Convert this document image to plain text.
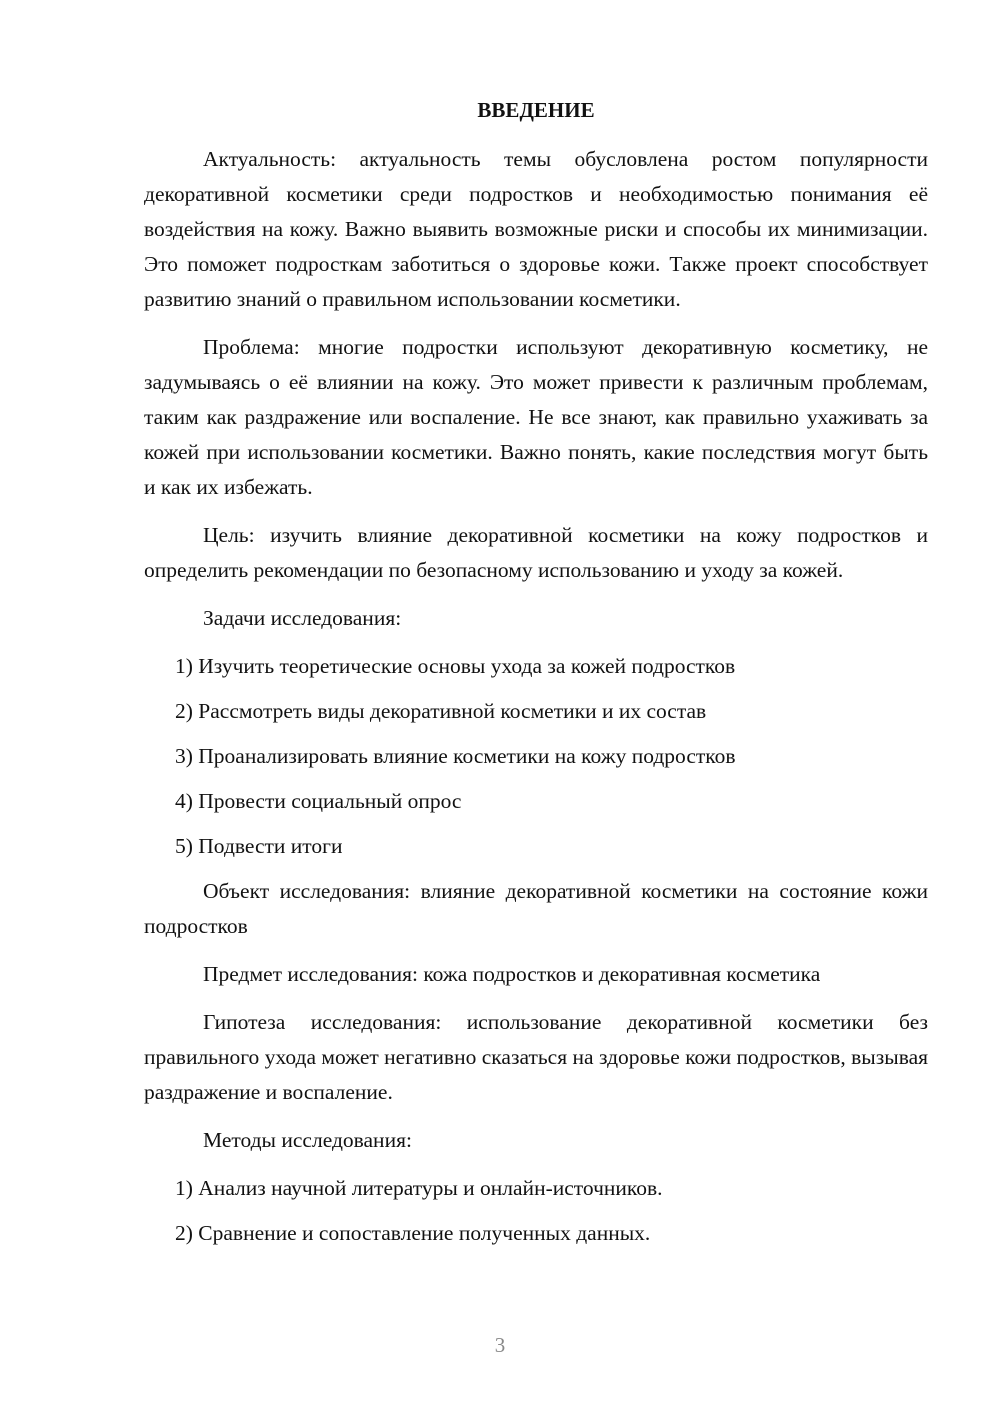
ВВЕДЕНИЕ

Актуальность: актуальность темы обусловлена ростом популярности декоративной косметики среди подростков и необходимостью понимания её воздействия на кожу. Важно выявить возможные риски и способы их минимизации. Это поможет подросткам заботиться о здоровье кожи. Также проект способствует развитию знаний о правильном использовании косметики.

Проблема: многие подростки используют декоративную косметику, не задумываясь о её влиянии на кожу. Это может привести к различным проблемам, таким как раздражение или воспаление. Не все знают, как правильно ухаживать за кожей при использовании косметики. Важно понять, какие последствия могут быть и как их избежать.

Цель: изучить влияние декоративной косметики на кожу подростков и определить рекомендации по безопасному использованию и уходу за кожей.

Задачи исследования:

1) Изучить теоретические основы ухода за кожей подростков

2) Рассмотреть виды декоративной косметики и их состав

3) Проанализировать влияние косметики на кожу подростков

4) Провести социальный опрос

5) Подвести итоги

Объект исследования: влияние декоративной косметики на состояние кожи подростков

Предмет исследования: кожа подростков и декоративная косметика

Гипотеза исследования: использование декоративной косметики без правильного ухода может негативно сказаться на здоровье кожи подростков, вызывая раздражение и воспаление.

Методы исследования:

1) Анализ научной литературы и онлайн-источников.

2) Сравнение и сопоставление полученных данных.

3
